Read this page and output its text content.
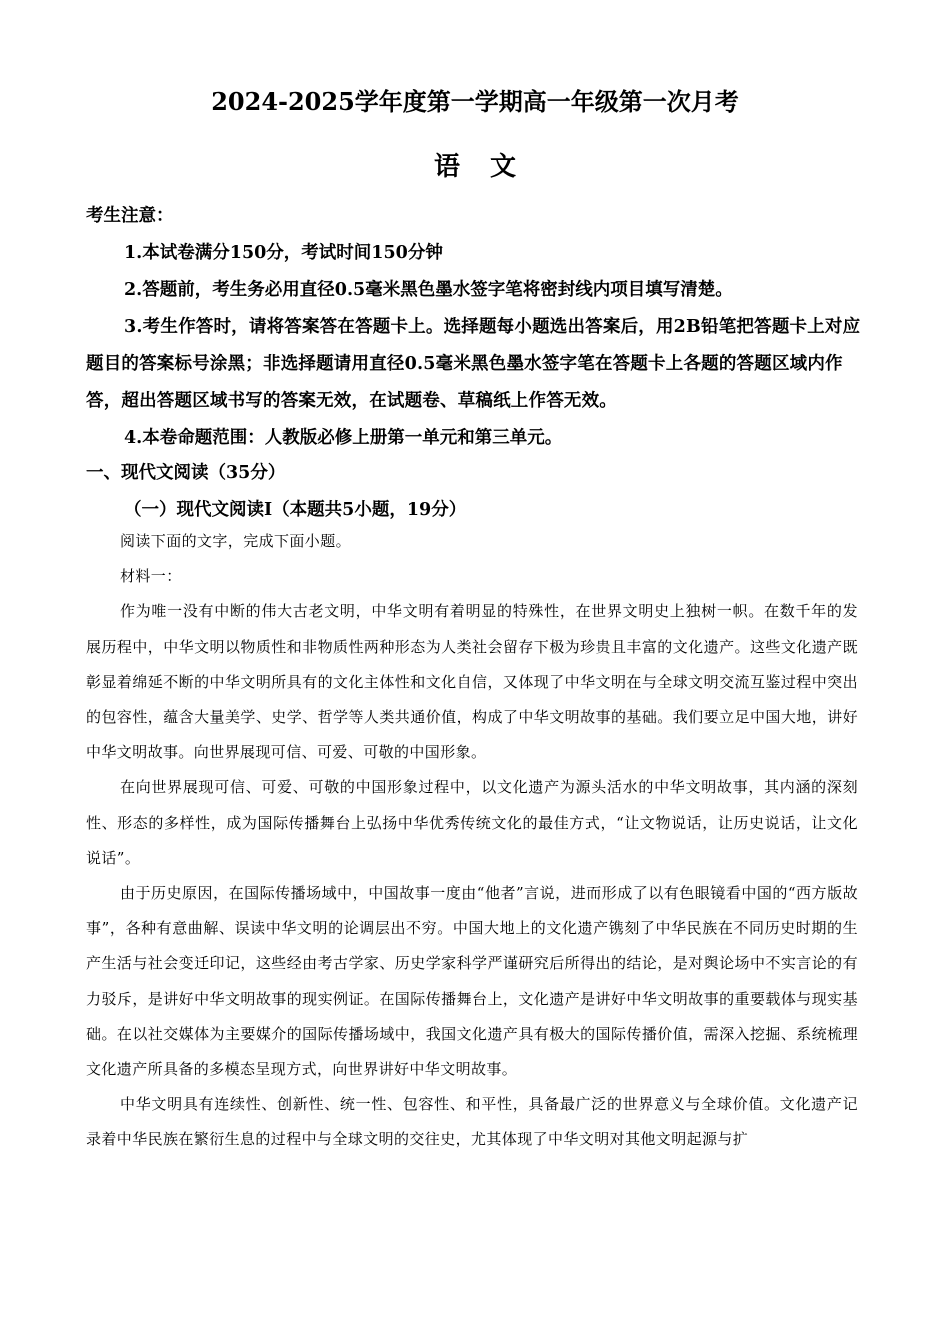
2024-2025学年度第一学期高一年级第一次月考
语文

考生注意：

1.本试卷满分150分，考试时间150分钟

2.答题前，考生务必用直径0.5毫米黑色墨水签字笔将密封线内项目填写清楚。

3.考生作答时，请将答案答在答题卡上。选择题每小题选出答案后，用2B铅笔把答题卡上对应题目的答案标号涂黑；非选择题请用直径0.5毫米黑色墨水签字笔在答题卡上各题的答题区域内作答，超出答题区域书写的答案无效，在试题卷、草稿纸上作答无效。

4.本卷命题范围：人教版必修上册第一单元和第三单元。

一、现代文阅读（35分）
（一）现代文阅读Ⅰ（本题共5小题，19分）

阅读下面的文字，完成下面小题。

材料一：

作为唯一没有中断的伟大古老文明，中华文明有着明显的特殊性，在世界文明史上独树一帜。在数千年的发展历程中，中华文明以物质性和非物质性两种形态为人类社会留存下极为珍贵且丰富的文化遗产。这些文化遗产既彰显着绵延不断的中华文明所具有的文化主体性和文化自信，又体现了中华文明在与全球文明交流互鉴过程中突出的包容性，蕴含大量美学、史学、哲学等人类共通价值，构成了中华文明故事的基础。我们要立足中国大地，讲好中华文明故事。向世界展现可信、可爱、可敬的中国形象。

在向世界展现可信、可爱、可敬的中国形象过程中，以文化遗产为源头活水的中华文明故事，其内涵的深刻性、形态的多样性，成为国际传播舞台上弘扬中华优秀传统文化的最佳方式，“让文物说话，让历史说话，让文化说话”。

由于历史原因，在国际传播场域中，中国故事一度由“他者”言说，进而形成了以有色眼镜看中国的“西方版故事”，各种有意曲解、误读中华文明的论调层出不穷。中国大地上的文化遗产镌刻了中华民族在不同历史时期的生产生活与社会变迁印记，这些经由考古学家、历史学家科学严谨研究后所得出的结论，是对舆论场中不实言论的有力驳斥，是讲好中华文明故事的现实例证。在国际传播舞台上，文化遗产是讲好中华文明故事的重要载体与现实基础。在以社交媒体为主要媒介的国际传播场域中，我国文化遗产具有极大的国际传播价值，需深入挖掘、系统梳理文化遗产所具备的多模态呈现方式，向世界讲好中华文明故事。

中华文明具有连续性、创新性、统一性、包容性、和平性，具备最广泛的世界意义与全球价值。文化遗产记录着中华民族在繁衍生息的过程中与全球文明的交往史，尤其体现了中华文明对其他文明起源与扩
